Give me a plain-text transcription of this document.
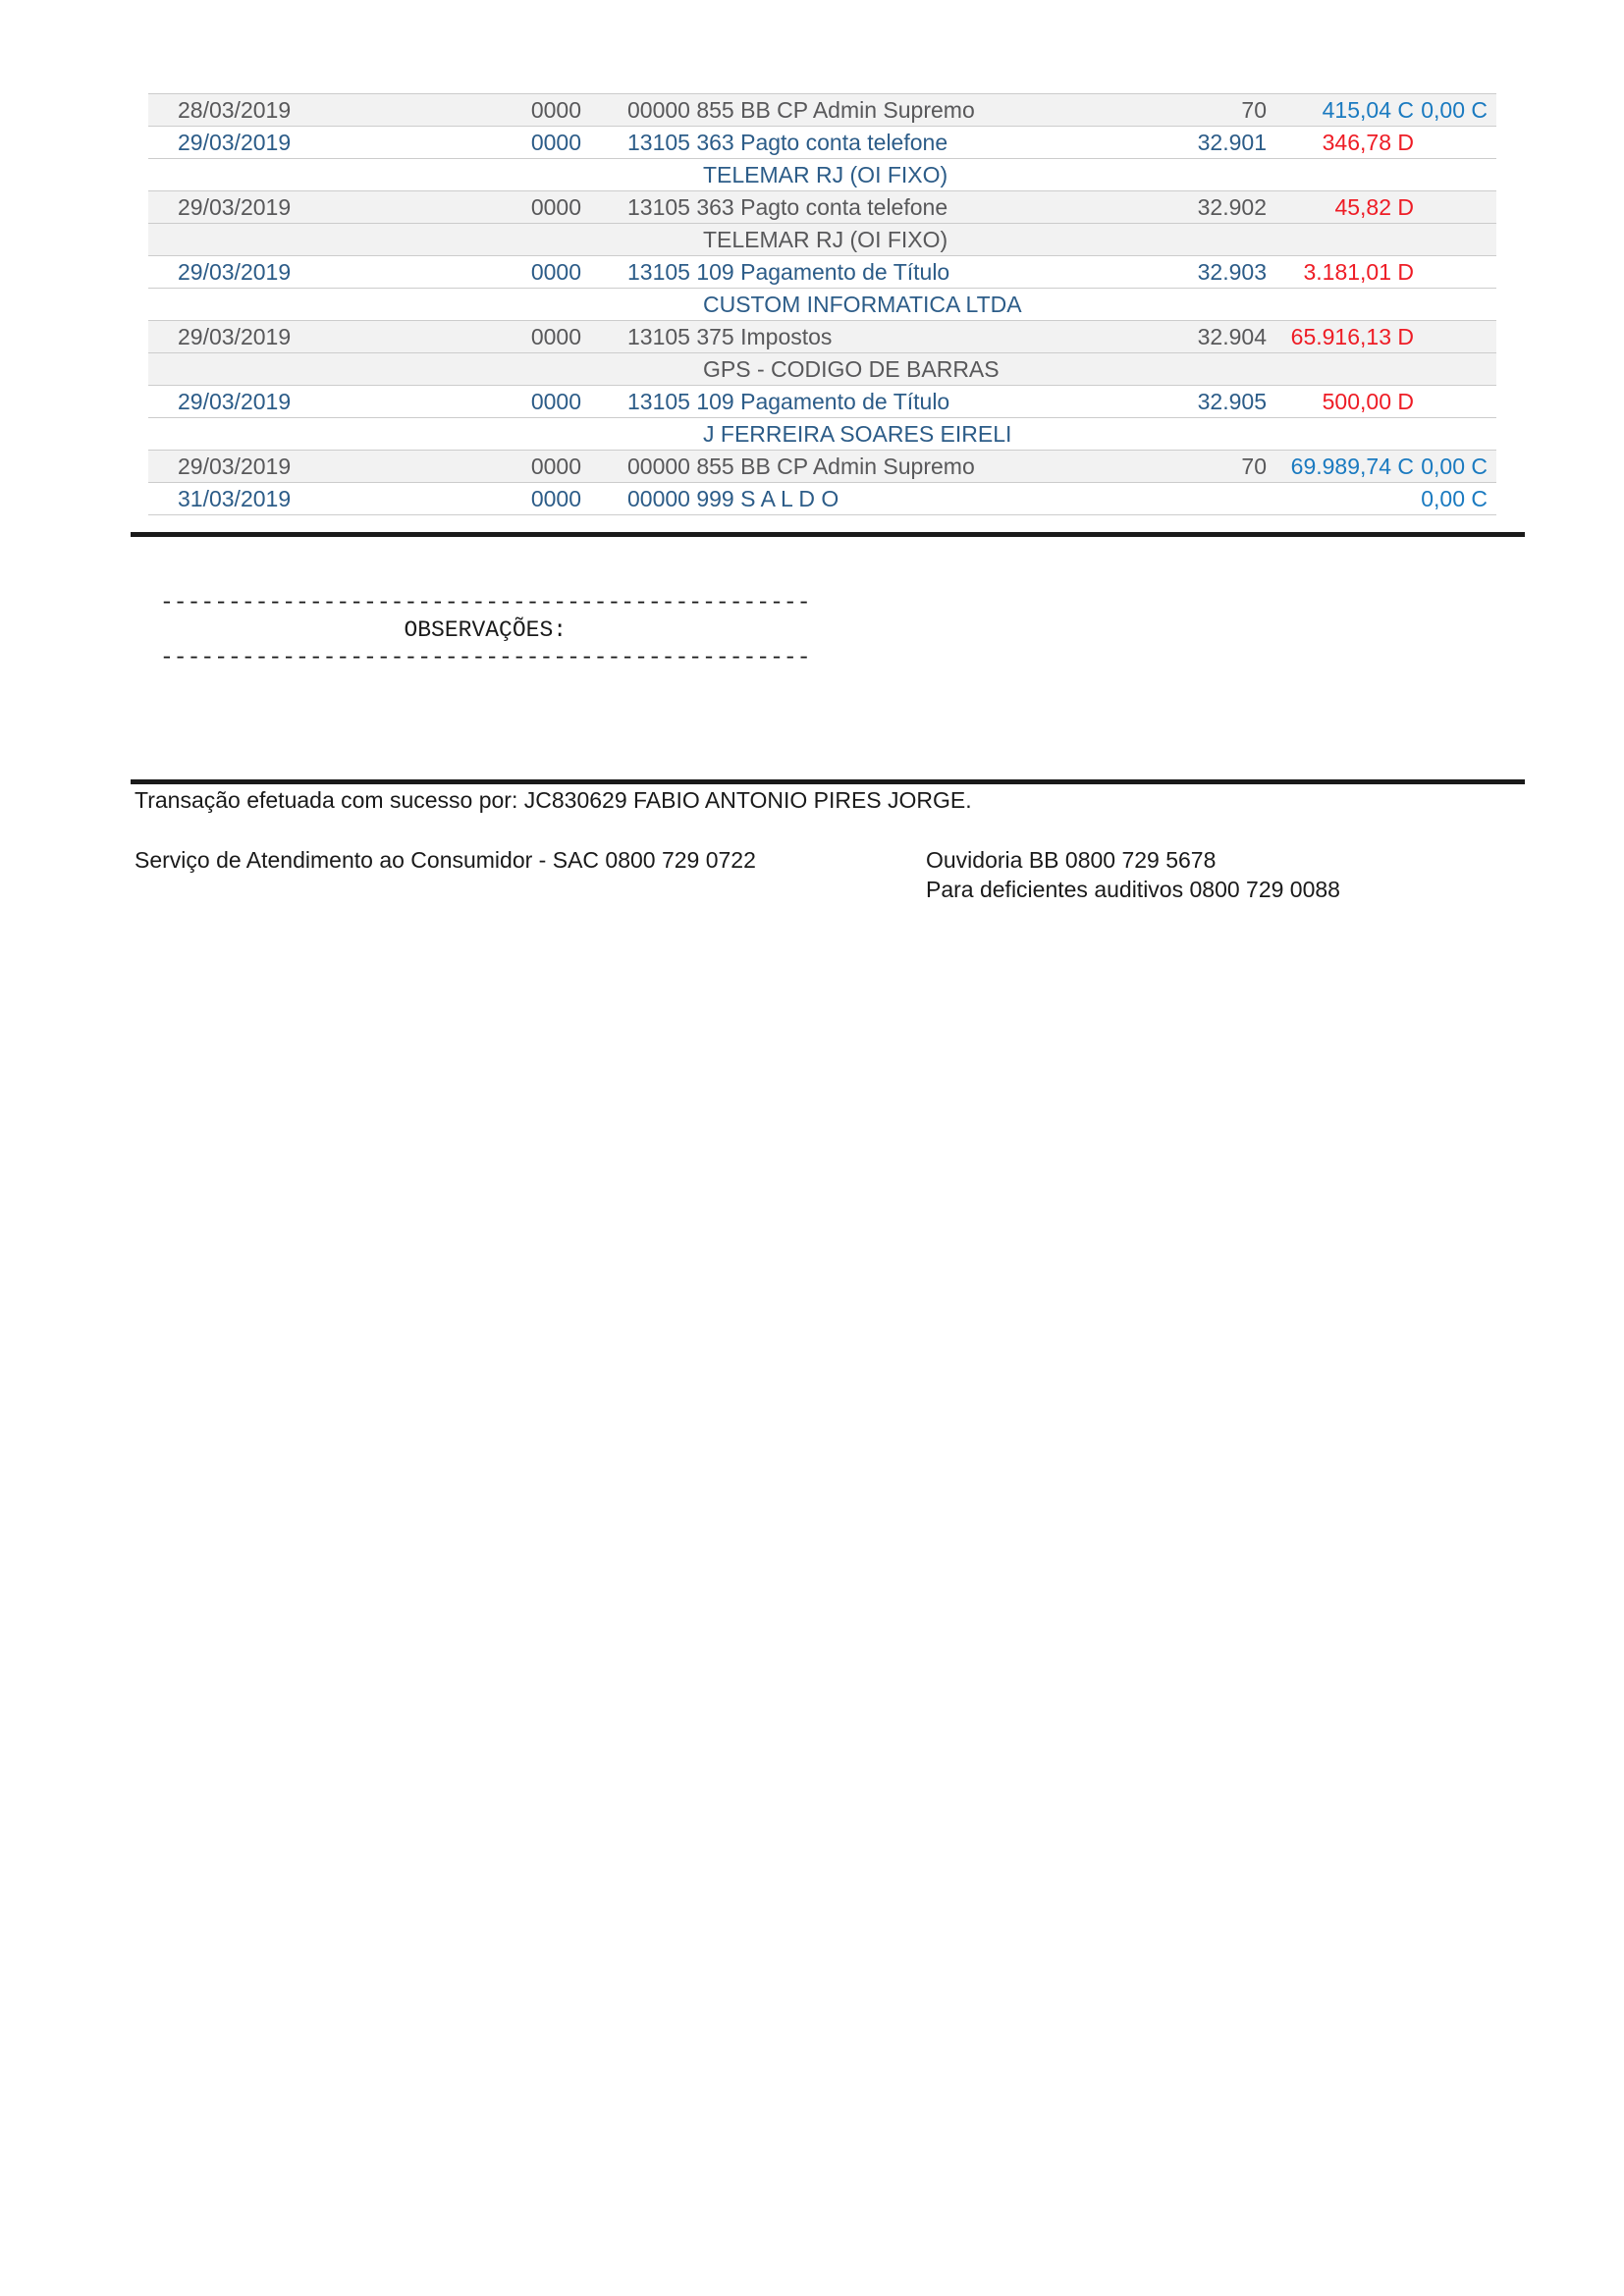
28/03/2019	0000	00000 855 BB CP Admin Supremo	70	415,04 C	0,00 C
29/03/2019	0000	13105 363 Pagto conta telefone	32.901	346,78 D	
		TELEMAR RJ (OI FIXO)			
29/03/2019	0000	13105 363 Pagto conta telefone	32.902	45,82 D	
		TELEMAR RJ (OI FIXO)			
29/03/2019	0000	13105 109 Pagamento de Título	32.903	3.181,01 D	
		CUSTOM INFORMATICA LTDA			
29/03/2019	0000	13105 375 Impostos	32.904	65.916,13 D	
		GPS - CODIGO DE BARRAS			
29/03/2019	0000	13105 109 Pagamento de Título	32.905	500,00 D	
		J FERREIRA SOARES EIRELI			
29/03/2019	0000	00000 855 BB CP Admin Supremo	70	69.989,74 C	0,00 C
31/03/2019	0000	00000 999 S A L D O			0,00 C
------------------------------------------------
OBSERVAÇÕES:
------------------------------------------------
Transação efetuada com sucesso por: JC830629 FABIO ANTONIO PIRES JORGE.
Serviço de Atendimento ao Consumidor - SAC 0800 729 0722	Ouvidoria BB 0800 729 5678
Para deficientes auditivos 0800 729 0088
